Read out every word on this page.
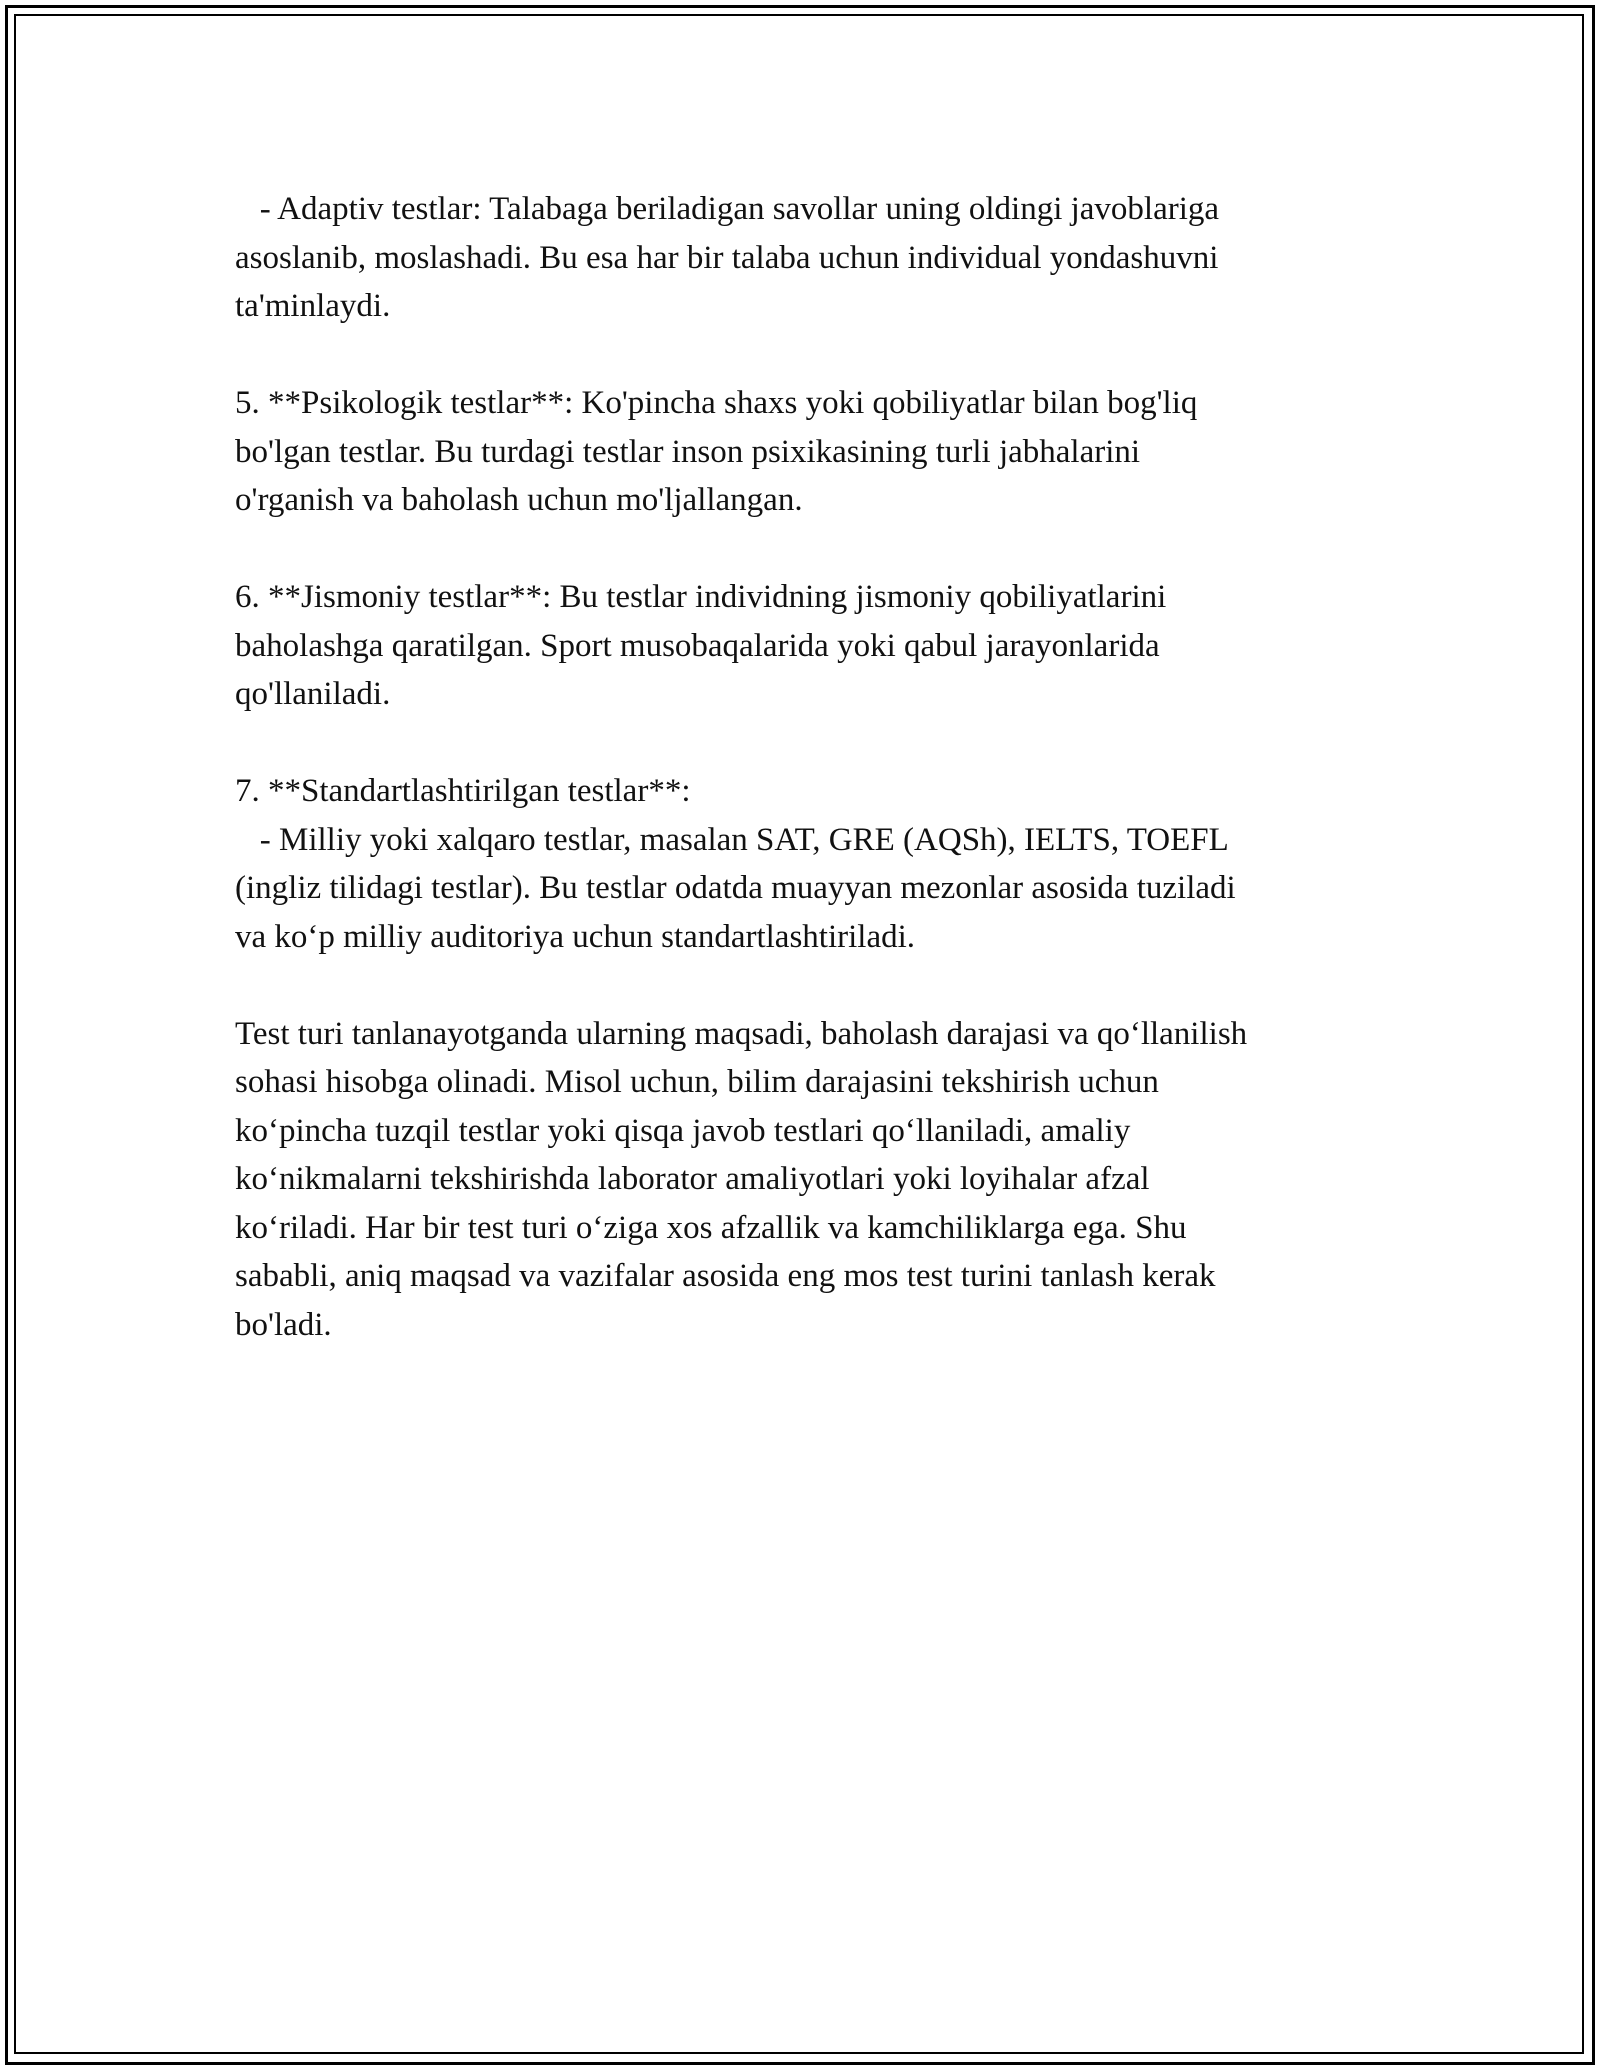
- Adaptiv testlar: Talabaga beriladigan savollar uning oldingi javoblariga
asoslanib, moslashadi. Bu esa har bir talaba uchun individual yondashuvni
ta'minlaydi.
5. **Psikologik testlar**: Ko'pincha shaxs yoki qobiliyatlar bilan bog'liq
bo'lgan testlar. Bu turdagi testlar inson psixikasining turli jabhalarini
o'rganish va baholash uchun mo'ljallangan.
6. **Jismoniy testlar**: Bu testlar individning jismoniy qobiliyatlarini
baholashga qaratilgan. Sport musobaqalarida yoki qabul jarayonlarida
qo'llaniladi.
7. **Standartlashtirilgan testlar**:
- Milliy yoki xalqaro testlar, masalan SAT, GRE (AQSh), IELTS, TOEFL
(ingliz tilidagi testlar). Bu testlar odatda muayyan mezonlar asosida tuziladi
va ko‘p milliy auditoriya uchun standartlashtiriladi.
Test turi tanlanayotganda ularning maqsadi, baholash darajasi va qo‘llanilish
sohasi hisobga olinadi. Misol uchun, bilim darajasini tekshirish uchun
ko‘pincha tuzqil testlar yoki qisqa javob testlari qo‘llaniladi, amaliy
ko‘nikmalarni tekshirishda laborator amaliyotlari yoki loyihalar afzal
ko‘riladi. Har bir test turi o‘ziga xos afzallik va kamchiliklarga ega. Shu
sababli, aniq maqsad va vazifalar asosida eng mos test turini tanlash kerak
bo'ladi.
